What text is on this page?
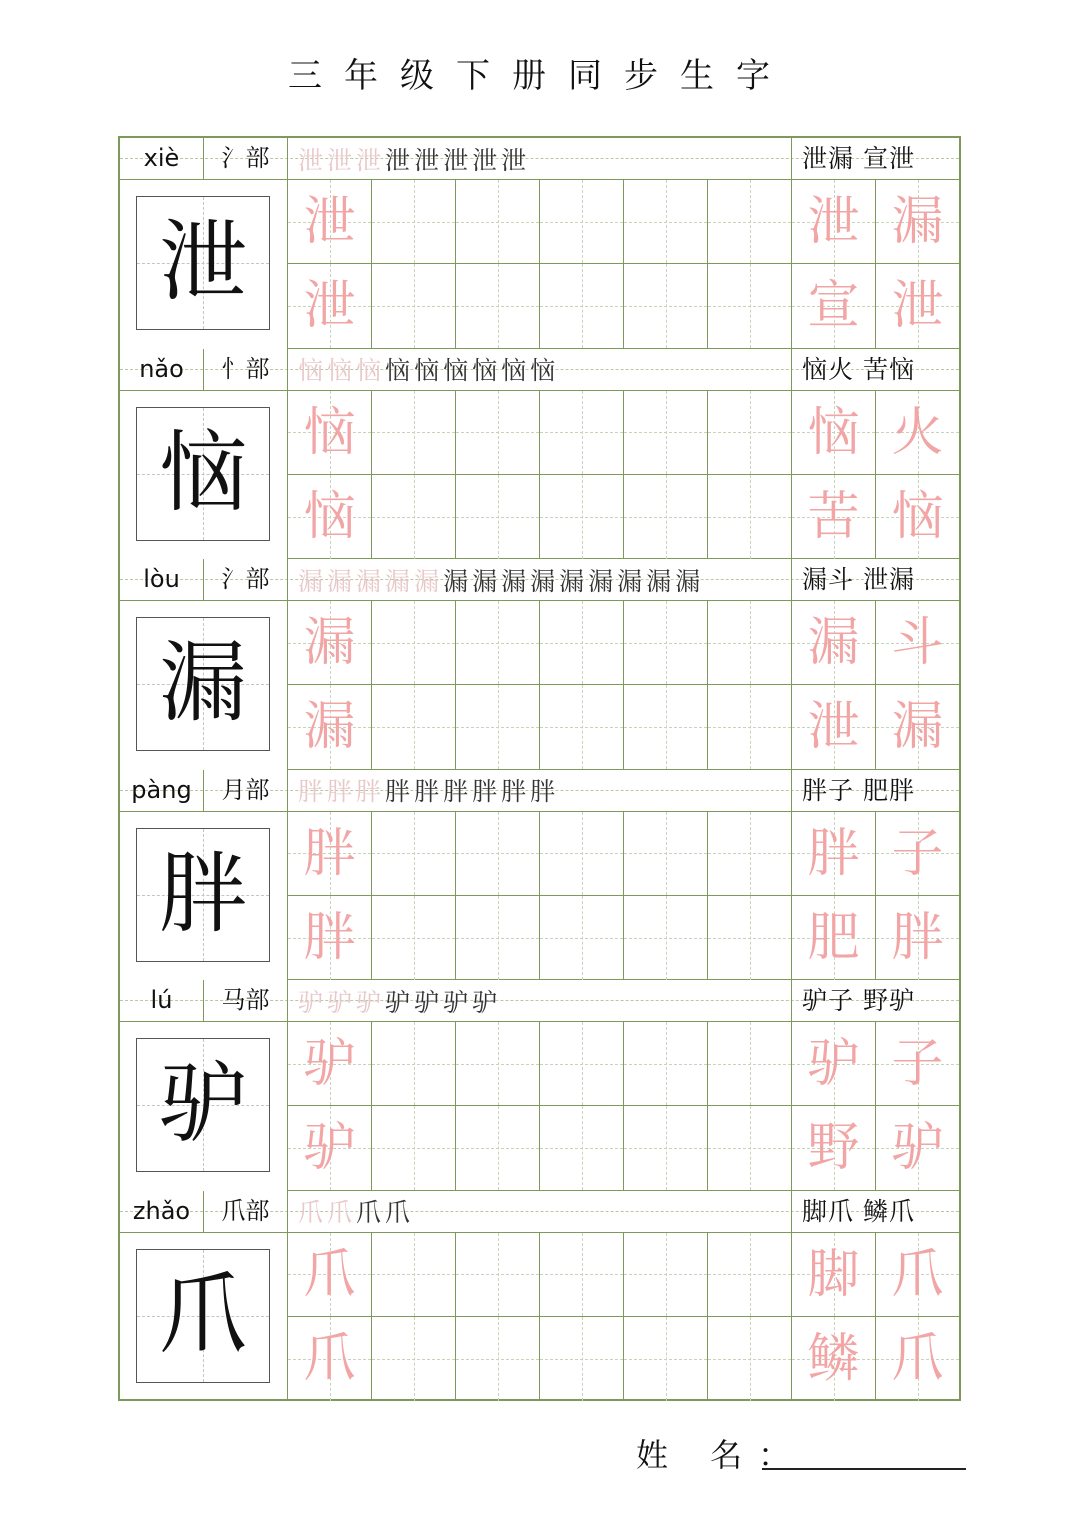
三年级下册同步生字
xiè	氵部	泄 泄 泄 泄 泄 泄 泄 泄	泄漏 宣泄
泄	泄	泄 漏
泄	宣 泄
nǎo	忄部	恼 恼 恼 恼 恼 恼 恼 恼 恼	恼火 苦恼
恼	恼	恼 火
恼	苦 恼
lòu	氵部	漏 漏 漏 漏 漏 漏 漏 漏 漏 漏 漏 漏 漏 漏	漏斗 泄漏
漏	漏	漏 斗
漏	泄 漏
pàng	月部	胖 胖 胖 胖 胖 胖 胖 胖 胖	胖子 肥胖
胖	胖	胖 子
胖	肥 胖
lú	马部	驴 驴 驴 驴 驴 驴 驴	驴子 野驴
驴	驴	驴 子
驴	野 驴
zhǎo	爪部	爪 爪 爪 爪	脚爪 鳞爪
爪	爪	脚 爪
爪	鳞 爪
姓 名：
